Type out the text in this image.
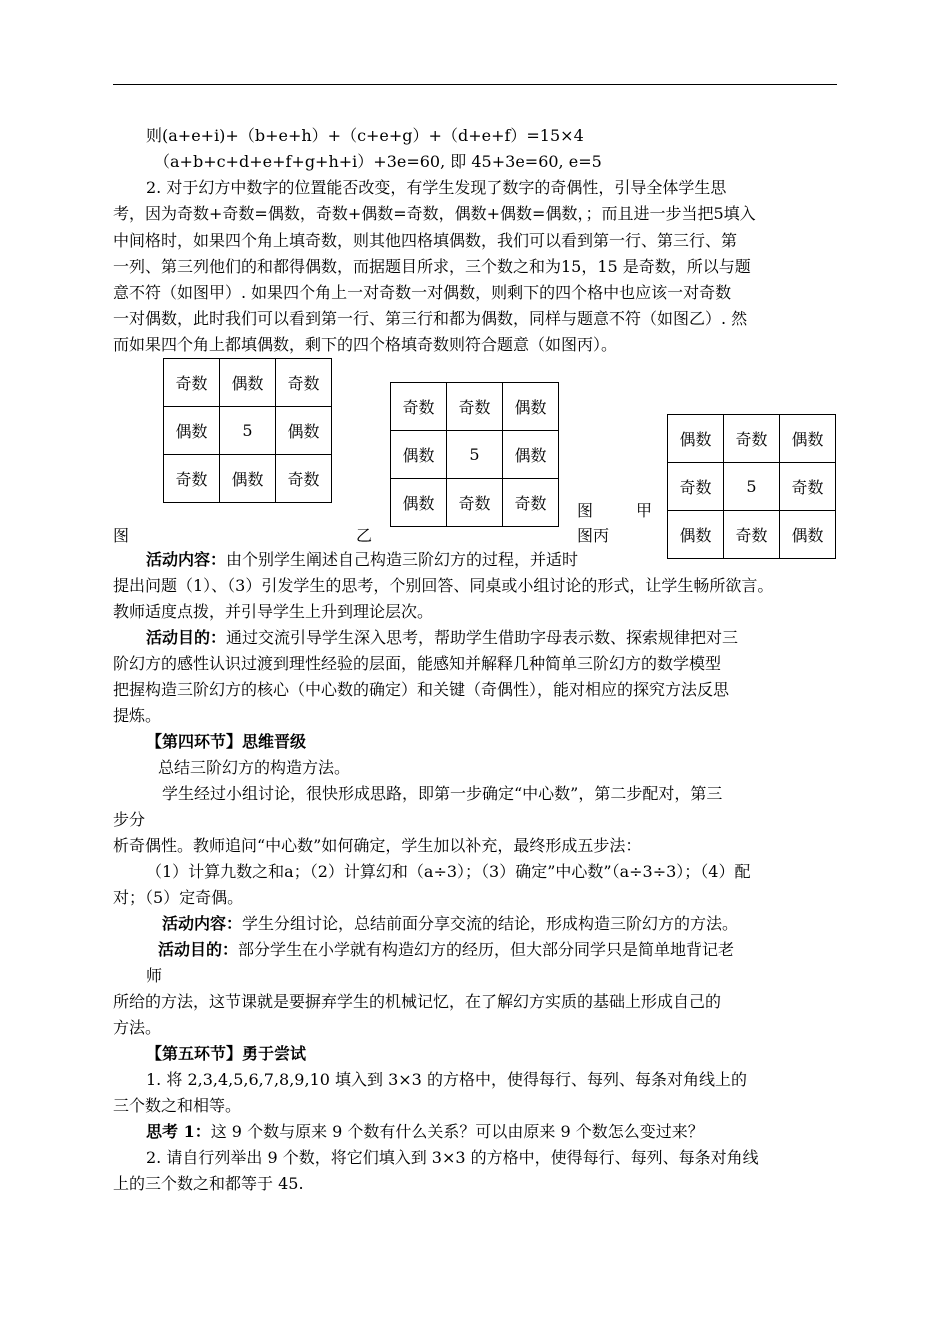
则(a+e+i)+（b+e+h）+（c+e+g）+（d+e+f）=15×4
（a+b+c+d+e+f+g+h+i）+3e=60, 即 45+3e=60, e=5
2. 对于幻方中数字的位置能否改变，有学生发现了数字的奇偶性，引导全体学生思
考，因为奇数+奇数=偶数，奇数+偶数=奇数，偶数+偶数=偶数，；而且进一步当把5填入
中间格时，如果四个角上填奇数，则其他四格填偶数，我们可以看到第一行、第三行、第
一列、第三列他们的和都得偶数，而据题目所求，三个数之和为15，15 是奇数，所以与题
意不符（如图甲）. 如果四个角上一对奇数一对偶数，则剩下的四个格中也应该一对奇数
一对偶数，此时我们可以看到第一行、第三行和都为偶数，同样与题意不符（如图乙）. 然
而如果四个角上都填偶数，剩下的四个格填奇数则符合题意（如图丙）。
奇数	偶数	奇数
偶数	5	偶数
奇数	偶数	奇数
奇数	奇数	偶数
偶数	5	偶数
偶数	奇数	奇数
偶数	奇数	偶数
奇数	5	奇数
偶数	奇数	偶数
图	乙
图	甲
图丙
活动内容：由个别学生阐述自己构造三阶幻方的过程，并适时
提出问题（1）、（3）引发学生的思考，个别回答、同桌或小组讨论的形式，让学生畅所欲言。
教师适度点拨，并引导学生上升到理论层次。
活动目的：通过交流引导学生深入思考，帮助学生借助字母表示数、探索规律把对三
阶幻方的感性认识过渡到理性经验的层面，能感知并解释几种简单三阶幻方的数学模型
把握构造三阶幻方的核心（中心数的确定）和关键（奇偶性），能对相应的探究方法反思
提炼。
【第四环节】思维晋级
总结三阶幻方的构造方法。
学生经过小组讨论，很快形成思路，即第一步确定“中心数”，第二步配对，第三
步分
析奇偶性。教师追问“中心数”如何确定，学生加以补充，最终形成五步法：
（1）计算九数之和a；（2）计算幻和（a÷3）；（3）确定”中心数”（a÷3÷3）；（4）配
对；（5）定奇偶。
活动内容：学生分组讨论，总结前面分享交流的结论，形成构造三阶幻方的方法。
活动目的：部分学生在小学就有构造幻方的经历，但大部分同学只是简单地背记老
师
所给的方法，这节课就是要摒弃学生的机械记忆，在了解幻方实质的基础上形成自己的
方法。
【第五环节】勇于尝试
1. 将 2,3,4,5,6,7,8,9,10 填入到 3×3 的方格中，使得每行、每列、每条对角线上的
三个数之和相等。
思考 1：这 9 个数与原来 9 个数有什么关系？可以由原来 9 个数怎么变过来？
2. 请自行列举出 9 个数，将它们填入到 3×3 的方格中，使得每行、每列、每条对角线
上的三个数之和都等于 45.
